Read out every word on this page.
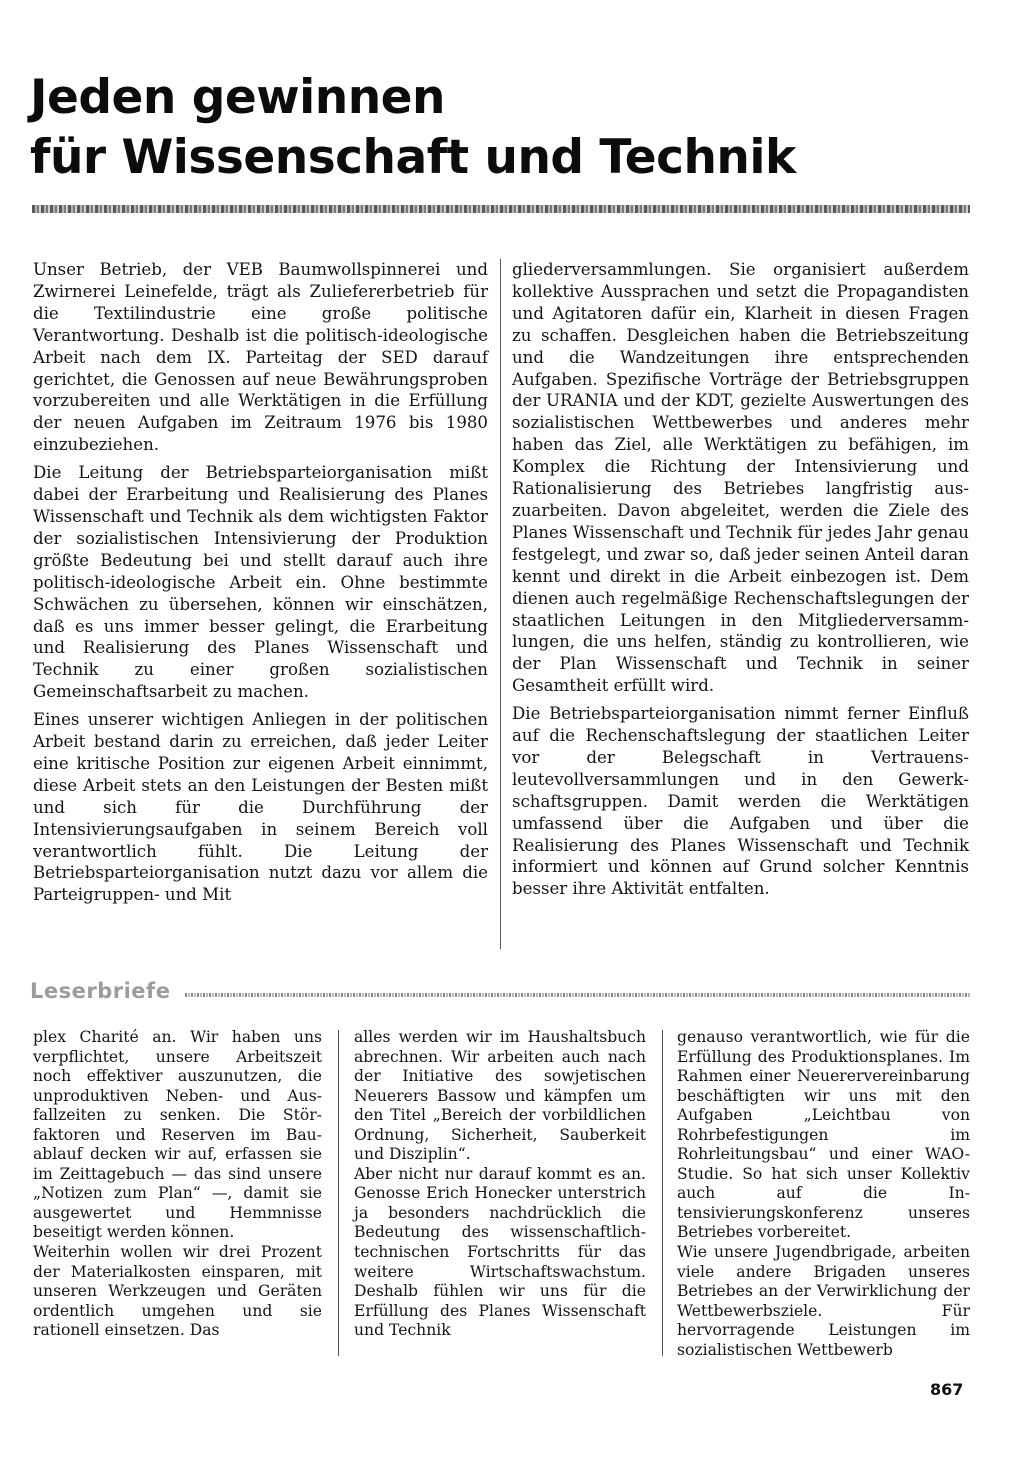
Jeden gewinnen
für Wissenschaft und Technik

Unser Betrieb, der VEB Baumwollspinnerei und Zwirnerei Leinefelde, trägt als Zuliefererbetrieb für die Textilindustrie eine große politische Verantwortung. Deshalb ist die politisch-ideologische Arbeit nach dem IX. Parteitag der SED darauf gerichtet, die Genossen auf neue Bewährungsproben vorzubereiten und alle Werktätigen in die Erfüllung der neuen Aufgaben im Zeitraum 1976 bis 1980 einzubeziehen.

Die Leitung der Betriebsparteiorganisation mißt dabei der Erarbeitung und Realisierung des Planes Wissenschaft und Technik als dem wichtigsten Faktor der sozialistischen Intensivierung der Produktion größte Bedeutung bei und stellt darauf auch ihre politisch-ideologische Arbeit ein. Ohne bestimmte Schwächen zu übersehen, können wir einschätzen, daß es uns immer besser gelingt, die Erarbeitung und Realisierung des Planes Wissenschaft und Technik zu einer großen sozialistischen Gemeinschaftsarbeit zu machen.

Eines unserer wichtigen Anliegen in der politischen Arbeit bestand darin zu erreichen, daß jeder Leiter eine kritische Position zur eigenen Arbeit einnimmt, diese Arbeit stets an den Leistungen der Besten mißt und sich für die Durchführung der Intensivierungsaufgaben in seinem Bereich voll verantwortlich fühlt. Die Leitung der Betriebsparteiorganisation nutzt dazu vor allem die Parteigruppen- und Mit

gliederversammlungen. Sie organisiert außerdem kollektive Aussprachen und setzt die Propagandisten und Agitatoren dafür ein, Klarheit in diesen Fragen zu schaffen. Desgleichen haben die Betriebszeitung und die Wandzeitungen ihre entsprechenden Aufgaben. Spezifische Vorträge der Betriebsgruppen der URANIA und der KDT, gezielte Auswertungen des sozialistischen Wettbewerbes und anderes mehr haben das Ziel, alle Werktätigen zu befähigen, im Komplex die Richtung der Intensivierung und Rationalisierung des Betriebes langfristig auszuarbeiten. Davon abgeleitet, werden die Ziele des Planes Wissenschaft und Technik für jedes Jahr genau festgelegt, und zwar so, daß jeder seinen Anteil daran kennt und direkt in die Arbeit einbezogen ist. Dem dienen auch regelmäßige Rechenschaftslegungen der staatlichen Leitungen in den Mitgliederversammlungen, die uns helfen, ständig zu kontrollieren, wie der Plan Wissenschaft und Technik in seiner Gesamtheit erfüllt wird.

Die Betriebsparteiorganisation nimmt ferner Einfluß auf die Rechenschaftslegung der staatlichen Leiter vor der Belegschaft in Vertrauensleutevollversammlungen und in den Gewerkschaftsgruppen. Damit werden die Werktätigen umfassend über die Aufgaben und über die Realisierung des Planes Wissenschaft und Technik informiert und können auf Grund solcher Kenntnis besser ihre Aktivität entfalten.

Leserbriefe

plex Charité an. Wir haben uns verpflichtet, unsere Arbeitszeit noch effektiver auszunutzen, die unproduktiven Neben- und Ausfallzeiten zu senken. Die Störfaktoren und Reserven im Bauablauf decken wir auf, erfassen sie im Zeittagebuch — das sind unsere „Notizen zum Plan“ —, damit sie ausgewertet und Hemmnisse beseitigt werden können.

Weiterhin wollen wir drei Prozent der Materialkosten einsparen, mit unseren Werkzeugen und Geräten ordentlich umgehen und sie rationell einsetzen. Das

alles werden wir im Haushaltsbuch abrechnen. Wir arbeiten auch nach der Initiative des sowjetischen Neuerers Bassow und kämpfen um den Titel „Bereich der vorbildlichen Ordnung, Sicherheit, Sauberkeit und Disziplin“.

Aber nicht nur darauf kommt es an. Genosse Erich Honecker unterstrich ja besonders nachdrücklich die Bedeutung des wissenschaftlich-technischen Fortschritts für das weitere Wirtschaftswachstum. Deshalb fühlen wir uns für die Erfüllung des Planes Wissenschaft und Technik

genauso verantwortlich, wie für die Erfüllung des Produktionsplanes. Im Rahmen einer Neuerervereinbarung beschäftigten wir uns mit den Aufgaben „Leichtbau von Rohrbefestigungen im Rohrleitungsbau“ und einer WAO-Studie. So hat sich unser Kollektiv auch auf die Intensivierungskonferenz unseres Betriebes vorbereitet.

Wie unsere Jugendbrigade, arbeiten viele andere Brigaden unseres Betriebes an der Verwirklichung der Wettbewerbsziele. Für hervorragende Leistungen im sozialistischen Wettbewerb

867
